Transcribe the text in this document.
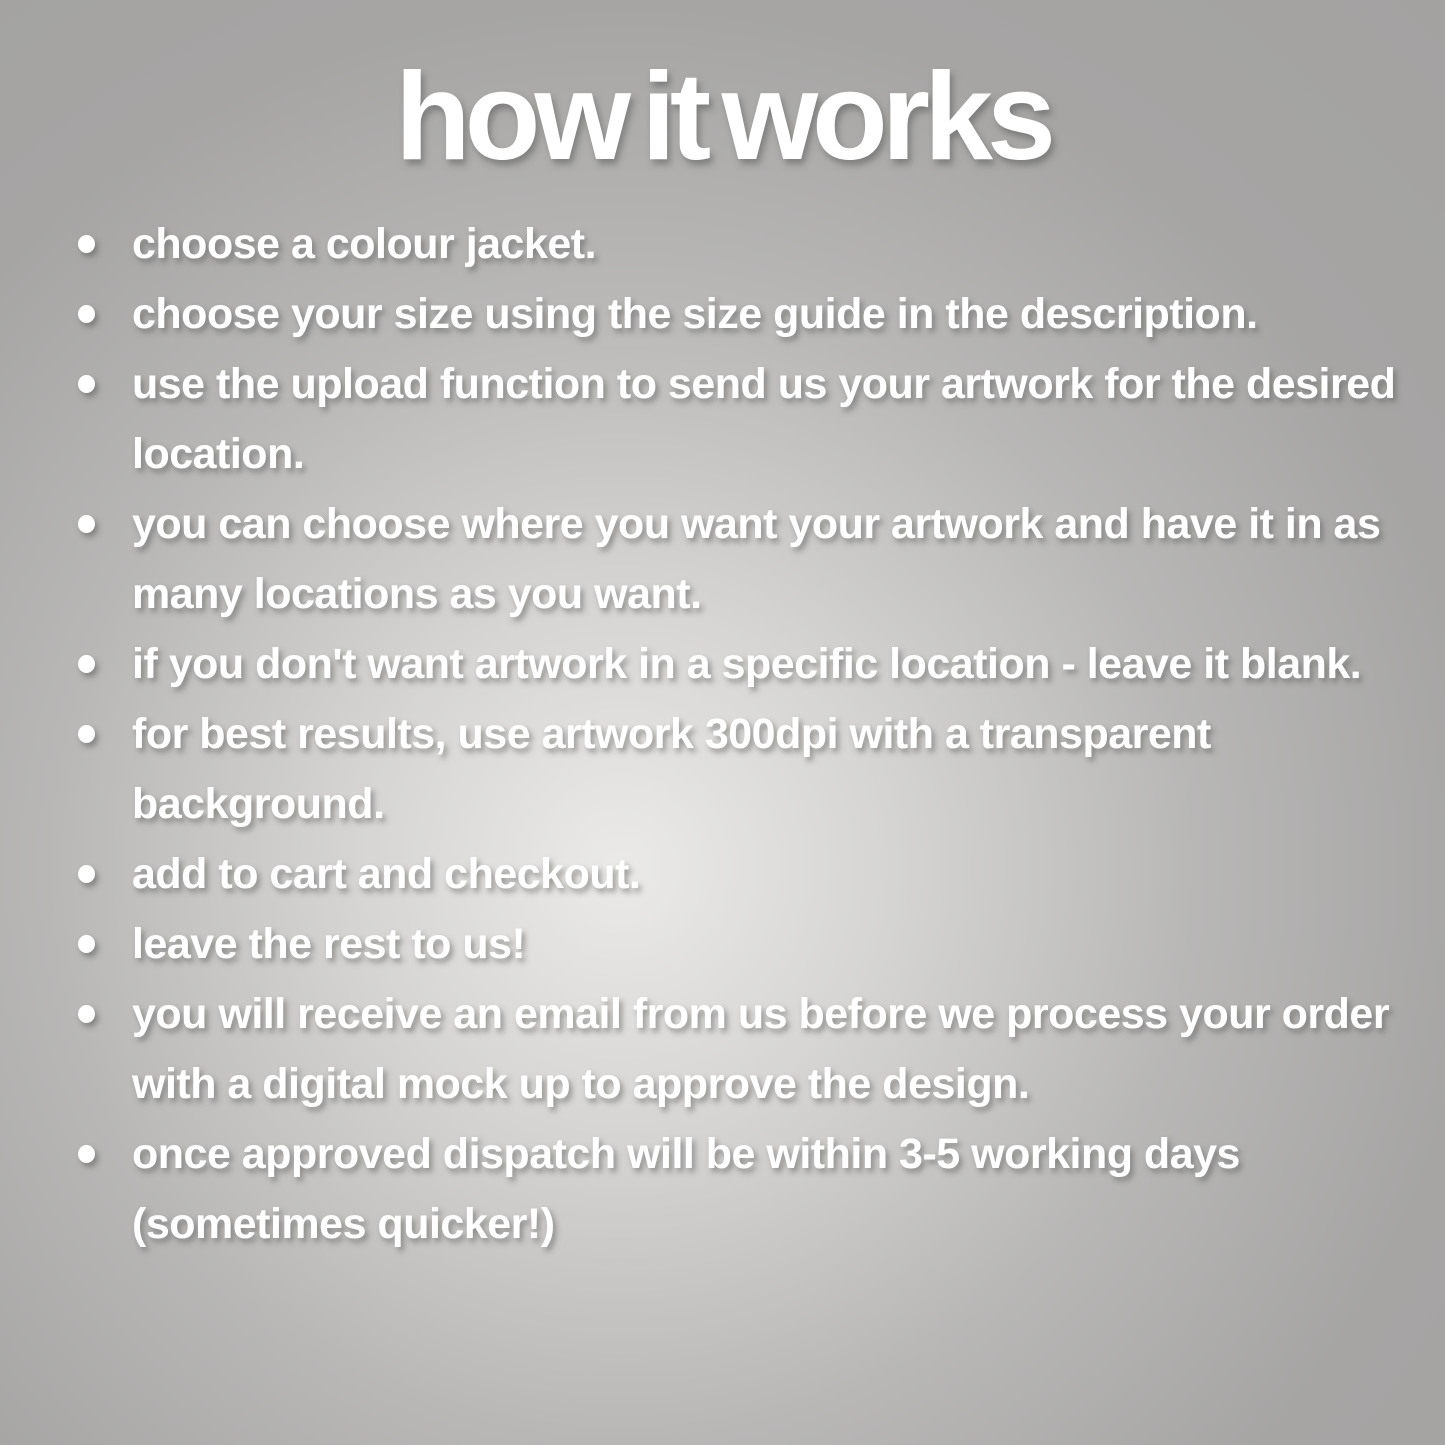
how it works
choose a colour jacket.
choose your size using the size guide in the description.
use the upload function to send us your artwork for the desired location.
you can choose where you want your artwork and have it in as many locations as you want.
if you don't want artwork in a specific location - leave it blank.
for best results, use artwork 300dpi with a transparent background.
add to cart and checkout.
leave the rest to us!
you will receive an email from us before we process your order with a digital mock up to approve the design.
once approved dispatch will be within 3-5 working days (sometimes quicker!)
